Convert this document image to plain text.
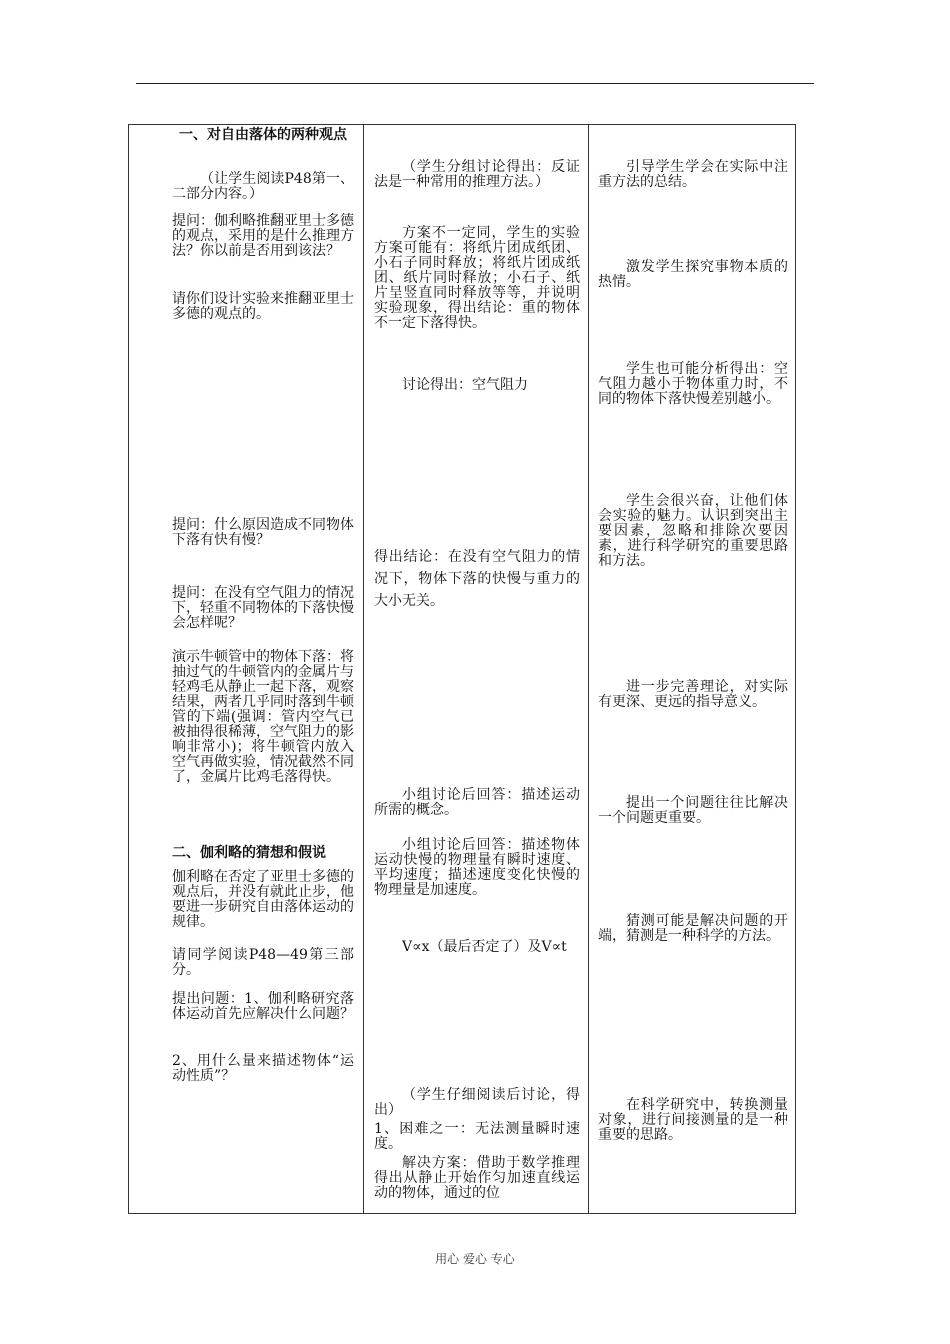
一、对自由落体的两种观点

（让学生阅读P48第一、二部分内容。）

提问：伽利略推翻亚里士多德的观点，采用的是什么推理方法？你以前是否用到该法？

请你们设计实验来推翻亚里士多德的观点的。

提问：什么原因造成不同物体下落有快有慢？

提问：在没有空气阻力的情况下，轻重不同物体的下落快慢会怎样呢？

演示牛顿管中的物体下落：将抽过气的牛顿管内的金属片与轻鸡毛从静止一起下落，观察结果，两者几乎同时落到牛顿管的下端(强调：管内空气已被抽得很稀薄，空气阻力的影响非常小)；将牛顿管内放入空气再做实验，情况截然不同了，金属片比鸡毛落得快。

二、伽利略的猜想和假说

伽利略在否定了亚里士多德的观点后，并没有就此止步，他要进一步研究自由落体运动的规律。

请同学阅读P48—49第三部分。

提出问题：1、伽利略研究落体运动首先应解决什么问题？

2、用什么量来描述物体“运动性质”？

（学生分组讨论得出：反证法是一种常用的推理方法。）

方案不一定同，学生的实验方案可能有：将纸片团成纸团、小石子同时释放；将纸片团成纸团、纸片同时释放；小石子、纸片呈竖直同时释放等等，并说明实验现象，得出结论：重的物体不一定下落得快。

讨论得出：空气阻力

得出结论：在没有空气阻力的情况下，物体下落的快慢与重力的大小无关。

小组讨论后回答：描述运动所需的概念。

小组讨论后回答：描述物体运动快慢的物理量有瞬时速度、平均速度；描述速度变化快慢的物理量是加速度。

V∝x（最后否定了）及V∝t

（学生仔细阅读后讨论，得出）

1、困难之一：无法测量瞬时速度。

解决方案：借助于数学推理得出从静止开始作匀加速直线运动的物体，通过的位

引导学生学会在实际中注重方法的总结。

激发学生探究事物本质的热情。

学生也可能分析得出：空气阻力越小于物体重力时，不同的物体下落快慢差别越小。

学生会很兴奋，让他们体会实验的魅力。认识到突出主要因素，忽略和排除次要因素，进行科学研究的重要思路和方法。

进一步完善理论，对实际有更深、更远的指导意义。

提出一个问题往往比解决一个问题更重要。

猜测可能是解决问题的开端，猜测是一种科学的方法。

在科学研究中，转换测量对象，进行间接测量的是一种重要的思路。

用心 爱心 专心
